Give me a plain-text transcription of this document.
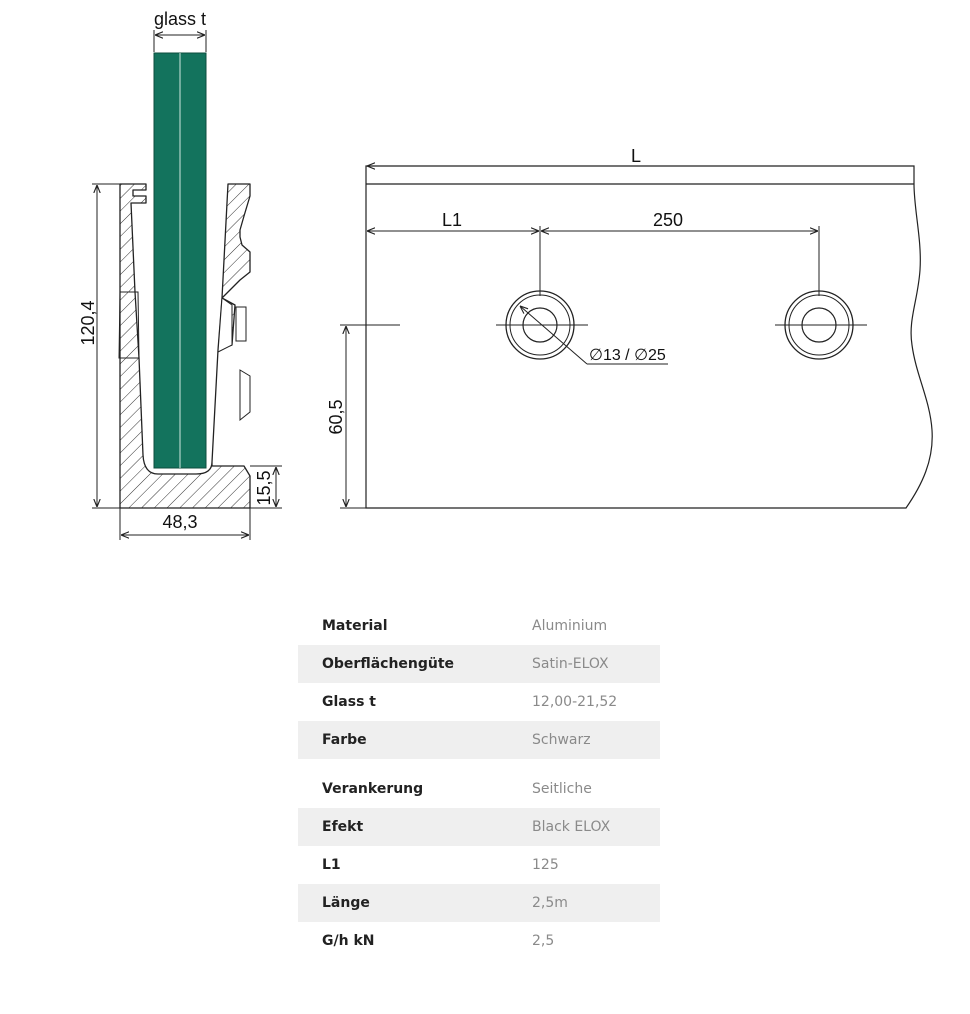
glass t
120,4
48,3
15,5
L
L1	250
∅13 / ∅25
60,5
Material	Aluminium
Oberflächengüte	Satin-ELOX
Glass t	12,00-21,52
Farbe	Schwarz
Verankerung	Seitliche
Efekt	Black ELOX
L1	125
Länge	2,5m
G/h kN	2,5
